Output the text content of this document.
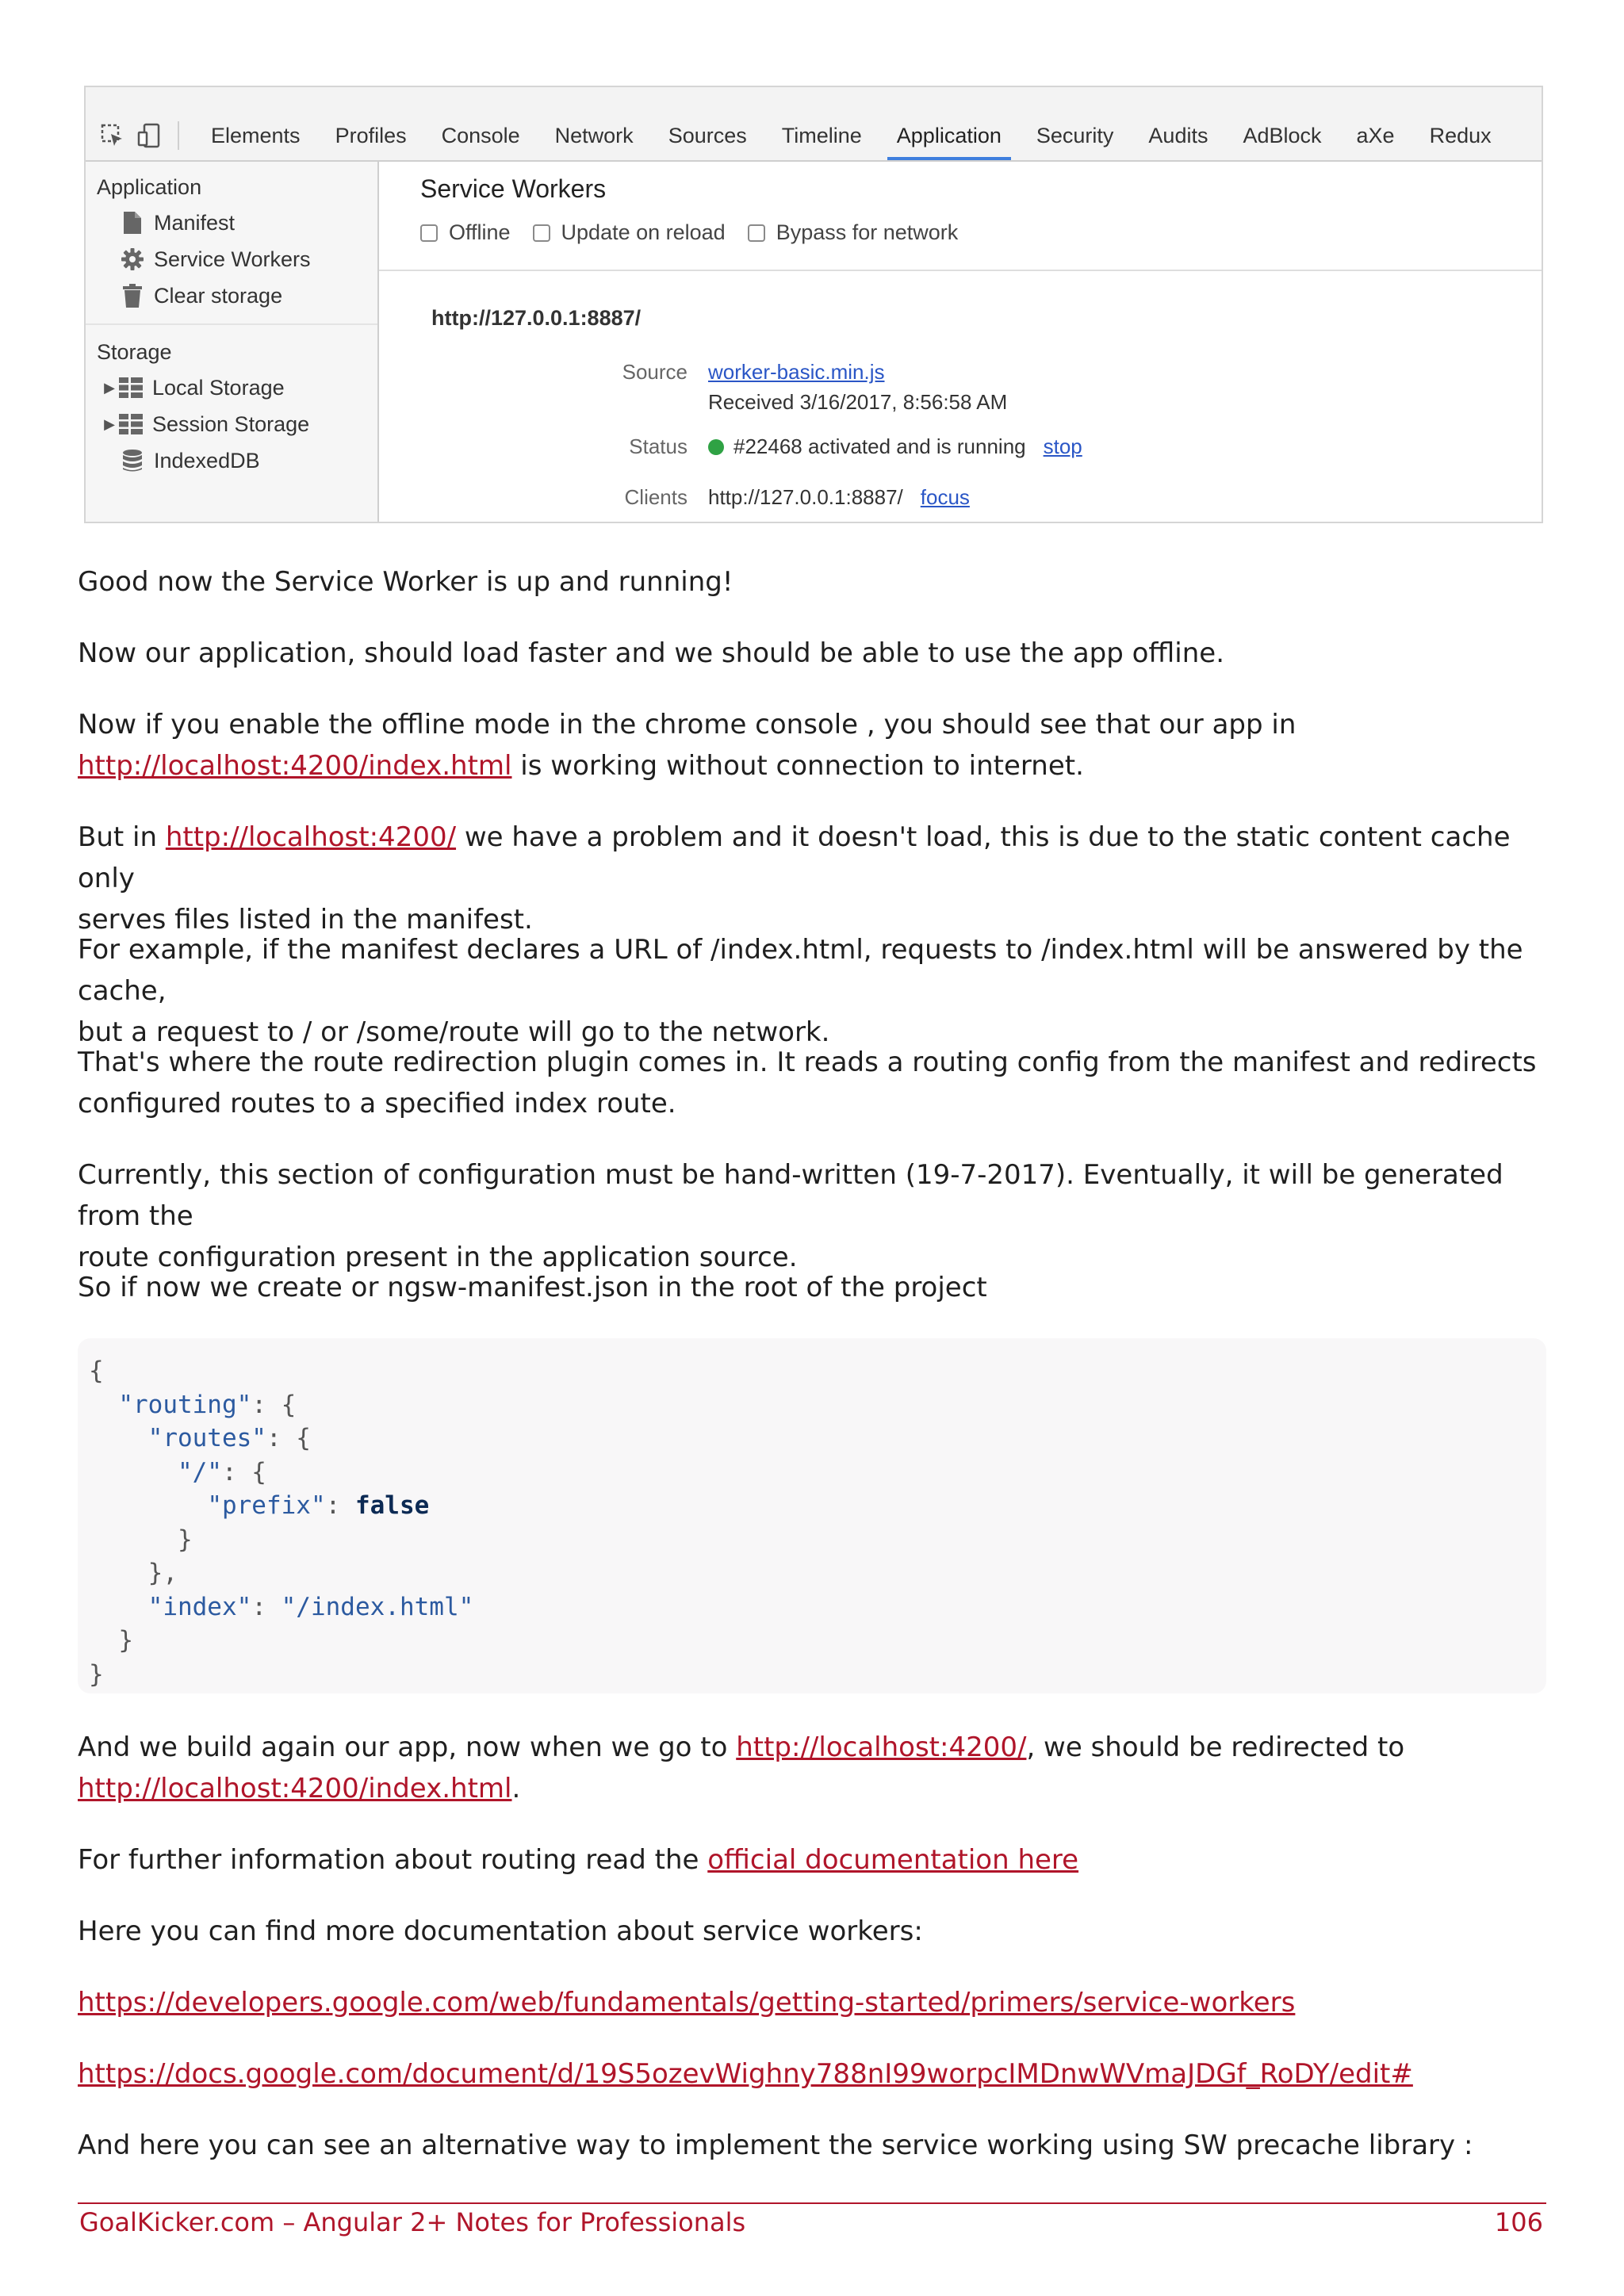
Elements	Profiles	Console	Network	Sources	Timeline	Application	Security	Audits	AdBlock	aXe	Redux
Application
Manifest
Service Workers
Clear storage
Storage
▶ Local Storage
▶ Session Storage
IndexedDB
Service Workers
Offline Update on reload Bypass for network
http://127.0.0.1:8887/
Source	worker-basic.min.js
Received 3/16/2017, 8:56:58 AM
Status	#22468 activated and is running stop
Clients	http://127.0.0.1:8887/ focus
Good now the Service Worker is up and running!
Now our application, should load faster and we should be able to use the app offline.
Now if you enable the offline mode in the chrome console , you should see that our app in
http://localhost:4200/index.html is working without connection to internet.
But in http://localhost:4200/ we have a problem and it doesn't load, this is due to the static content cache only
serves files listed in the manifest.
For example, if the manifest declares a URL of /index.html, requests to /index.html will be answered by the cache,
but a request to / or /some/route will go to the network.
That's where the route redirection plugin comes in. It reads a routing config from the manifest and redirects
configured routes to a specified index route.
Currently, this section of configuration must be hand-written (19-7-2017). Eventually, it will be generated from the
route configuration present in the application source.
So if now we create or ngsw-manifest.json in the root of the project
{
"routing": {
"routes": {
"/": {
"prefix": false
}
},
"index": "/index.html"
}
}
And we build again our app, now when we go to http://localhost:4200/, we should be redirected to
http://localhost:4200/index.html.
For further information about routing read the official documentation here
Here you can find more documentation about service workers:
https://developers.google.com/web/fundamentals/getting-started/primers/service-workers
https://docs.google.com/document/d/19S5ozevWighny788nI99worpcIMDnwWVmaJDGf_RoDY/edit#
And here you can see an alternative way to implement the service working using SW precache library :
GoalKicker.com – Angular 2+ Notes for Professionals	106
